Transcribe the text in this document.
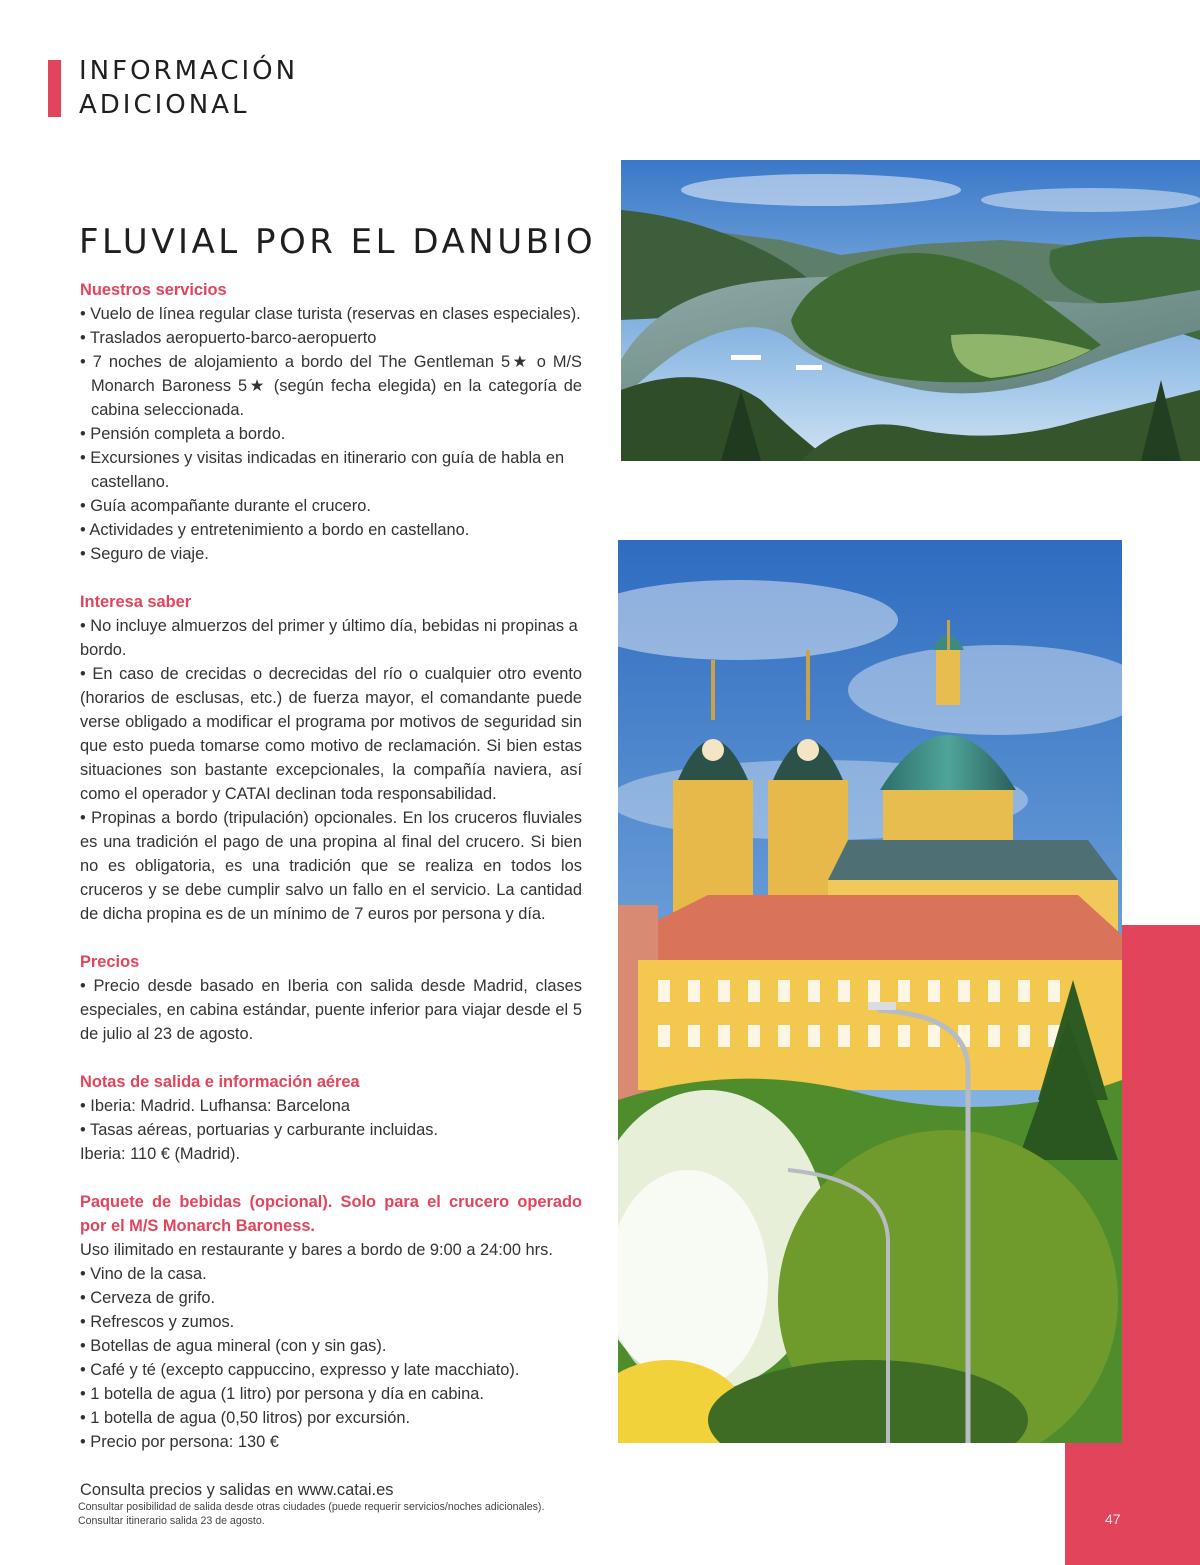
INFORMACIÓN
ADICIONAL
FLUVIAL POR EL DANUBIO

Nuestros servicios

• Vuelo de línea regular clase turista (reservas en clases especiales).

• Traslados aeropuerto-barco-aeropuerto

• 7 noches de alojamiento a bordo del The Gentleman 5★ o M/S Monarch Baroness 5★ (según fecha elegida) en la categoría de cabina seleccionada.

• Pensión completa a bordo.

• Excursiones y visitas indicadas en itinerario con guía de habla en castellano.

• Guía acompañante durante el crucero.

• Actividades y entretenimiento a bordo en castellano.

• Seguro de viaje.

Interesa saber

• No incluye almuerzos del primer y último día, bebidas ni propinas a bordo.

• En caso de crecidas o decrecidas del río o cualquier otro evento (horarios de esclusas, etc.) de fuerza mayor, el comandante puede verse obligado a modificar el programa por motivos de seguridad sin que esto pueda tomarse como motivo de reclamación. Si bien estas situaciones son bastante excepcionales, la compañía naviera, así como el operador y CATAI declinan toda responsabilidad.

• Propinas a bordo (tripulación) opcionales. En los cruceros fluviales es una tradición el pago de una propina al final del crucero. Si bien no es obligatoria, es una tradición que se realiza en todos los cruceros y se debe cumplir salvo un fallo en el servicio. La cantidad de dicha propina es de un mínimo de 7 euros por persona y día.

Precios

• Precio desde basado en Iberia con salida desde Madrid, clases especiales, en cabina estándar, puente inferior para viajar desde el 5 de julio al 23 de agosto.

Notas de salida e información aérea

• Iberia: Madrid. Lufhansa: Barcelona

• Tasas aéreas, portuarias y carburante incluidas.

Iberia: 110 € (Madrid).

Paquete de bebidas (opcional). Solo para el crucero operado por el M/S Monarch Baroness.

Uso ilimitado en restaurante y bares a bordo de 9:00 a 24:00 hrs.

• Vino de la casa.

• Cerveza de grifo.

• Refrescos y zumos.

• Botellas de agua mineral (con y sin gas).

• Café y té (excepto cappuccino, expresso y late macchiato).

• 1 botella de agua (1 litro) por persona y día en cabina.

• 1 botella de agua (0,50 litros) por excursión.

• Precio por persona: 130 €

Consulta precios y salidas en www.catai.es

Consultar posibilidad de salida desde otras ciudades (puede requerir servicios/noches adicionales).
Consultar itinerario salida 23 de agosto.	47
